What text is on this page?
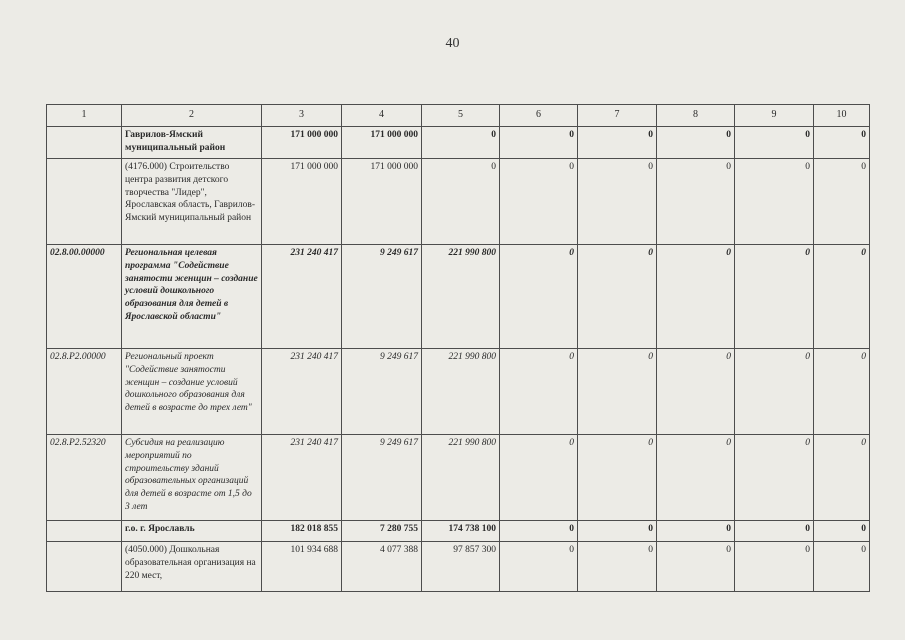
40
1	2	3	4	5	6	7	8	9	10
	Гаврилов-Ямский муниципальный район	171 000 000	171 000 000	0	0	0	0	0	0
	(4176.000) Строительство центра развития детского творчества "Лидер", Ярославская область, Гаврилов-Ямский муниципальный район	171 000 000	171 000 000	0	0	0	0	0	0
02.8.00.00000	Региональная целевая программа "Содействие занятости женщин – создание условий дошкольного образования для детей в Ярославской области"	231 240 417	9 249 617	221 990 800	0	0	0	0	0
02.8.Р2.00000	Региональный проект "Содействие занятости женщин – создание условий дошкольного образования для детей в возрасте до трех лет"	231 240 417	9 249 617	221 990 800	0	0	0	0	0
02.8.Р2.52320	Субсидия на реализацию мероприятий по строительству зданий образовательных организаций для детей в возрасте от 1,5 до 3 лет	231 240 417	9 249 617	221 990 800	0	0	0	0	0
	г.о. г. Ярославль	182 018 855	7 280 755	174 738 100	0	0	0	0	0
	(4050.000) Дошкольная образовательная организация на 220 мест,	101 934 688	4 077 388	97 857 300	0	0	0	0	0
